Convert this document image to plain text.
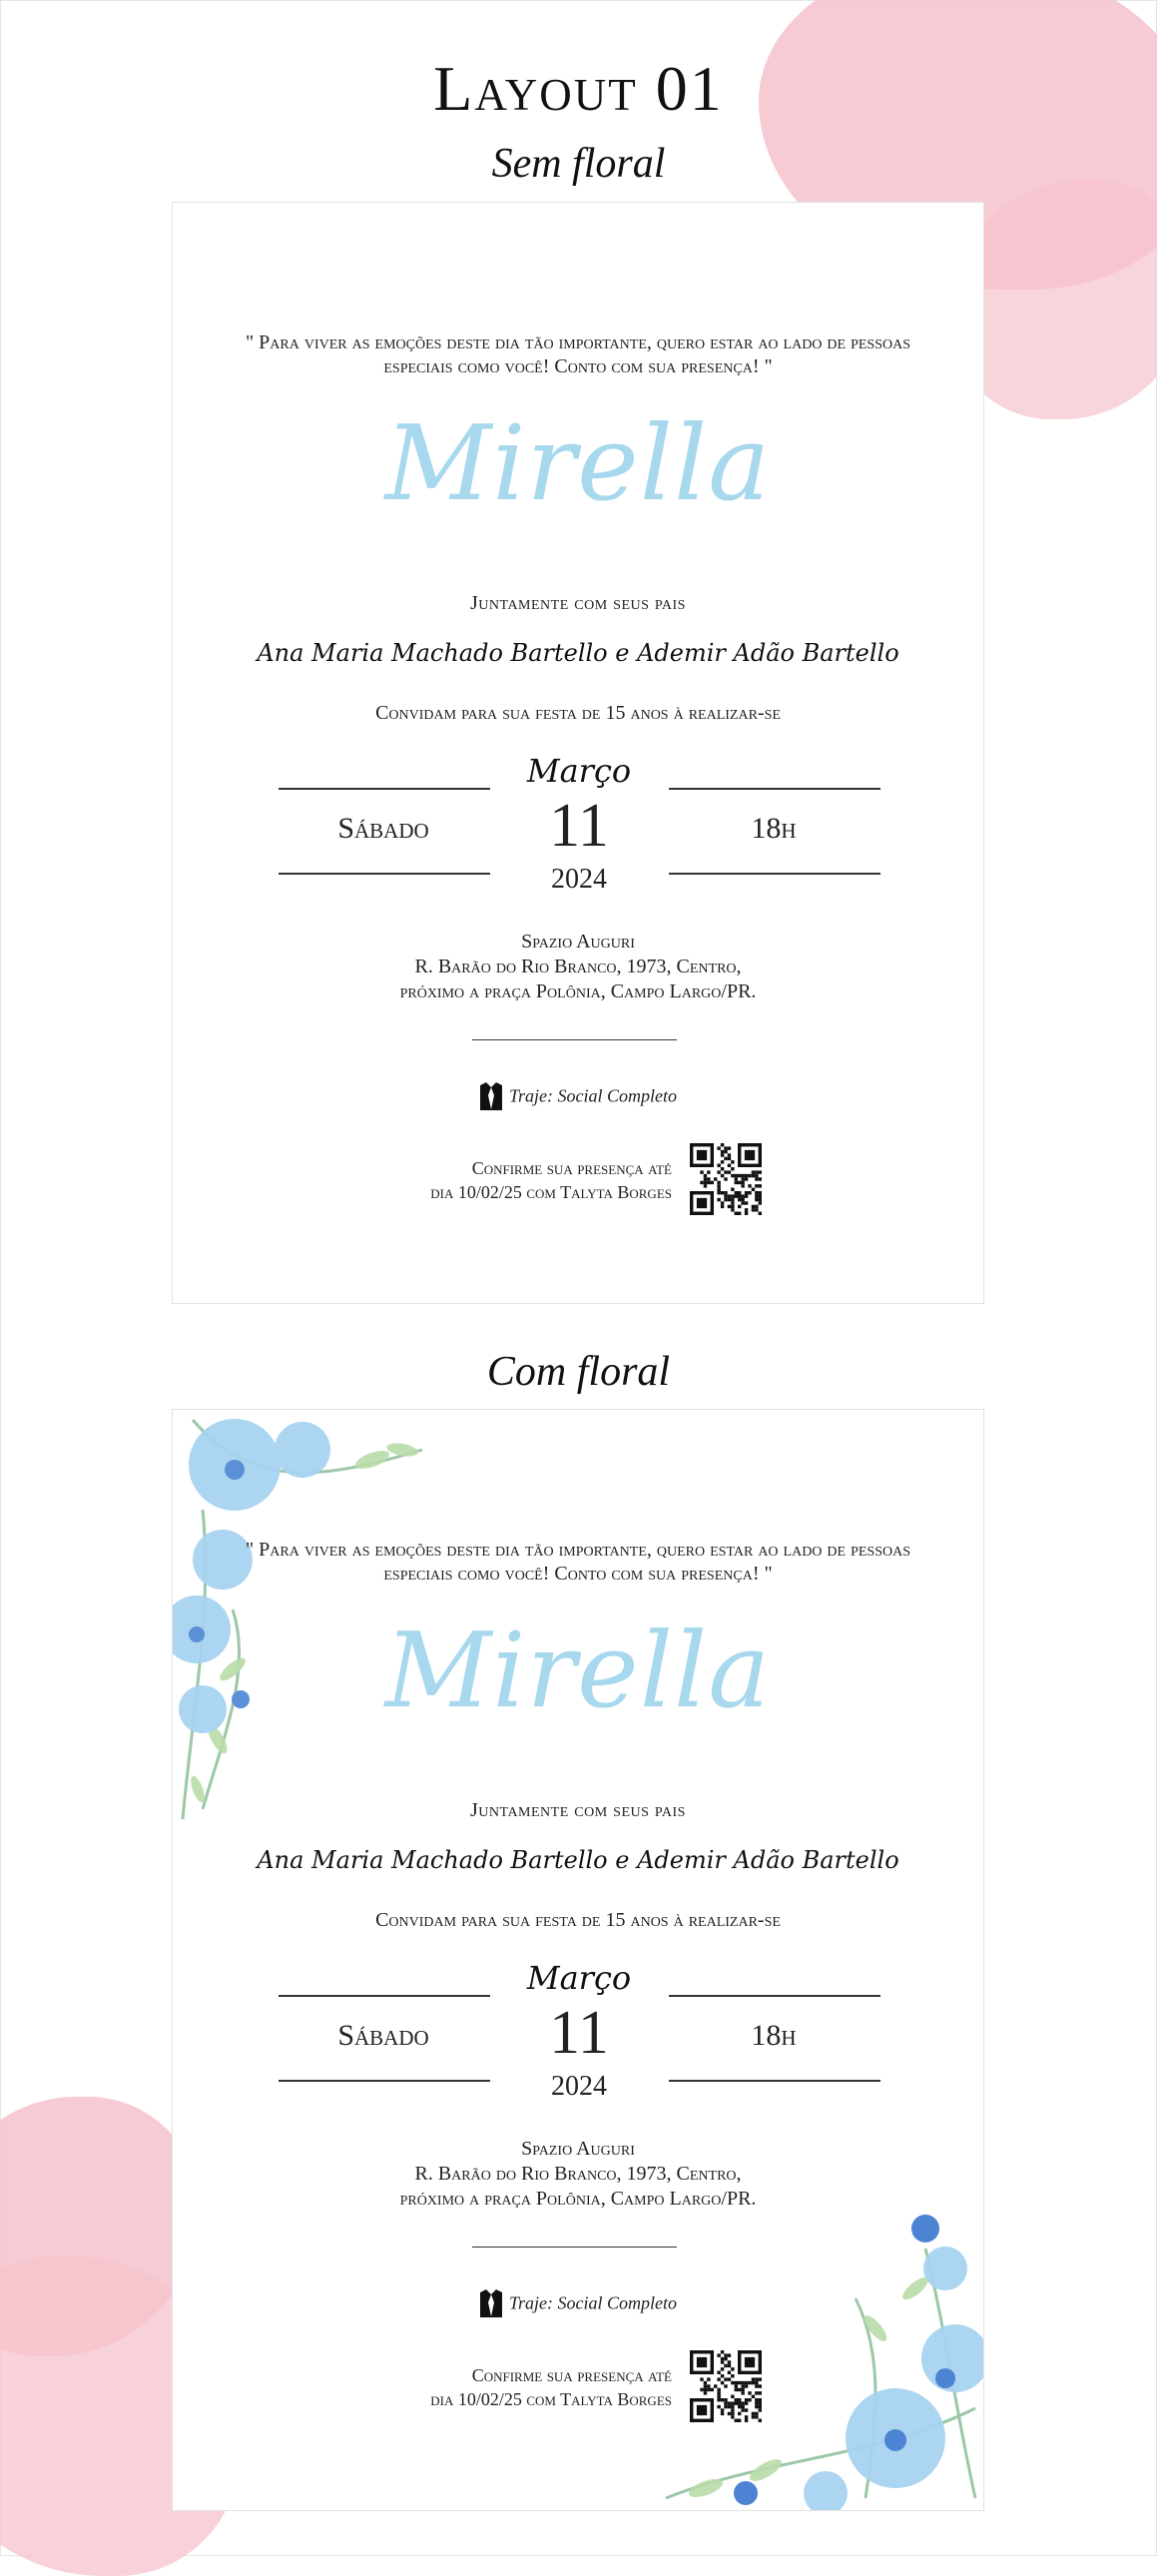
Layout 01
Sem floral
" Para viver as emoções deste dia tão importante, quero estar ao lado de pessoas especiais como você! Conto com sua presença! "
Mirella
Juntamente com seus pais
Ana Maria Machado Bartello e Ademir Adão Bartello
Convidam para sua festa de 15 anos à realizar-se
Sábado
Março
11
2024
18h
Spazio Auguri
R. Barão do Rio Branco, 1973, Centro,
próximo a praça Polônia, Campo Largo/PR.
Traje: Social Completo
Confirme sua presença até
dia 10/02/25 com Talyta Borges
Com floral
" Para viver as emoções deste dia tão importante, quero estar ao lado de pessoas especiais como você! Conto com sua presença! "
Mirella
Juntamente com seus pais
Ana Maria Machado Bartello e Ademir Adão Bartello
Convidam para sua festa de 15 anos à realizar-se
Sábado
Março
11
2024
18h
Spazio Auguri
R. Barão do Rio Branco, 1973, Centro,
próximo a praça Polônia, Campo Largo/PR.
Traje: Social Completo
Confirme sua presença até
dia 10/02/25 com Talyta Borges
